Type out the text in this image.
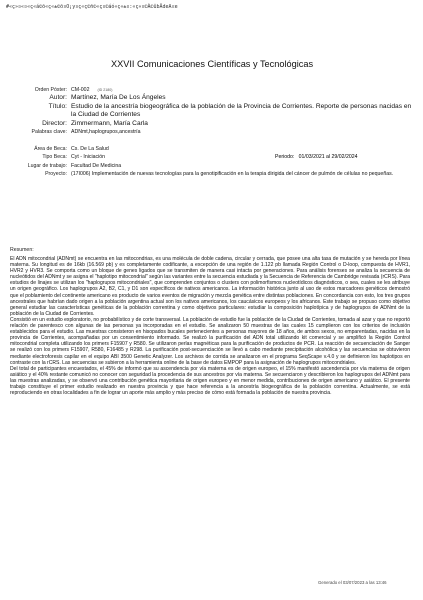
#«ç»¤«¤«ç«á©õ«ç«±©õ¤O¡y¤ç«ç©ñ©«ç¤©áó«ç«±¤:«ç«¤©À©ûbÂdeA¤e
XXVII Comunicaciones Científicas y Tecnológicas
Orden Póster: CM-002 (ID 2180)
Autor: Martínez, María De Los Ángeles
Título: Estudio de la ancestría biogeográfica de la población de la Provincia de Corrientes. Reporte de personas nacidas en la Ciudad de Corrientes
Director: Zimmermann, María Carla
Palabras clave: ADNmt,haplogrupos,ancestría
Área de Beca: Cs. De La Salud
Tipo Beca: Cyt - Iniciación	Periodo: 01/03/2021 al 29/02/2024
Lugar de trabajo: Facultad De Medicina
Proyecto: (17I006) Implementación de nuevas tecnologías para la genotipificación en la terapia dirigida del cáncer de pulmón de células no pequeñas.
Resumen:

El ADN mitocondrial (ADNmt) se encuentra en las mitocondrias, es una molécula de doble cadena, circular y cerrada, que posee una alta tasa de mutación y se hereda por línea materna. Su longitud es de 16kb (16.569 pb) y es completamente codificante, a excepción de una región de 1.122 pb llamada Región Control o D-loop, compuesta de HVR1, HVR2 y HVR3. Se comporta como un bloque de genes ligados que se transmiten de manera casi intacta por generaciones. Para análisis forenses se analiza la secuencia de nucleótidos del ADNmt y se asigna el "haplotipo mitocondrial" según las variantes entre la secuencia estudiada y la Secuencia de Referencia de Cambridge revisada (rCRS). Para estudios de linajes se utilizan los "haplogrupos mitocondriales", que comprenden conjuntos o clusters con polimorfismos nucleotídicos diagnósticos, o sea, cuales se les atribuye un origen geográfico. Los haplogrupos A2, B2, C1, y D1 son específicos de nativos americanos. La información histórica junto al uso de estos marcadores genéticos demostró que el poblamiento del continente americano es producto de varios eventos de migración y mezcla genética entre distintas poblaciones. En concordancia con esto, los tres grupos ancestrales que habrían dado origen a la población argentina actual son los nativos americanos, los caucásicos europeos y los africanos. Este trabajo se propuso como objetivo general estudiar las características genéticas de la población correntina y como objetivos particulares: estudiar la composición haplotípica y de haplogrupos de ADNmt de la población de la Ciudad de Corrientes.

Consistió en un estudio exploratorio, no probabilístico y de corte transversal. La población de estudio fue la población de la Ciudad de Corrientes, tomada al azar y que no reportó relación de parentesco con algunas de las personas ya incorporadas en el estudio. Se analizaron 50 muestras de las cuales 15 cumplieron con los criterios de inclusión establecidos para el estudio. Las muestras consisteron en hisopados bucales pertenecientes a personas mayores de 18 años, de ambos sexos, no emparentadas, nacidas en la provincia de Corrientes, acompañadas por un consentimiento informado. Se realizó la purificación del ADN total utilizando kit comercial y se amplificó la Región Control mitocondrial completa utilizando los primers F15907 y R580. Se utilizaron perlas magnéticas para la purificación de productos de PCR. La reacción de secuenciación de Sanger se realizó con los primers F15907, R580, F16485 y R298. La purificación post-secuenciación se llevó a cabo mediante precipitación alcohólica y las secuencias se obtuvieron mediante electroforesis capilar en el equipo ABI 3500 Genetic Analyzer. Los archivos de corrida se analizaron en el programa SeqScape v.4.0 y se definieron los haplotipos en contraste con la rCRS. Las secuencias se subieron a la herramienta online de la base de datos EMPOP para la asignación de haplogrupos mitocondriales.

Del total de participantes encuestados, el 45% de informó que su ascendencia por vía materna es de origen europeo, el 15% manifestó ascendencia por vía materna de origen asiático y el 40% restante comunicó no conocer con seguridad la procedencia de sus ancestros por vía materna. Se secuenciaron y describieron los haplogrupos del ADNmt para las muestras analizadas, y se observó una contribución genética mayoritaria de origen europeo y en menor medida, contribuciones de origen americano y asiático. El presente trabajo constituye el primer estudio realizado en nuestra provincia y que hace referencia a la ancestría biogeográfica de la población correntina. Actualmente, se está reproduciendo en otras localidades a fin de lograr un aporte más amplio y más preciso de cómo está formada la población de nuestra provincia.

Generado el 03/07/2023 a las 13:46
